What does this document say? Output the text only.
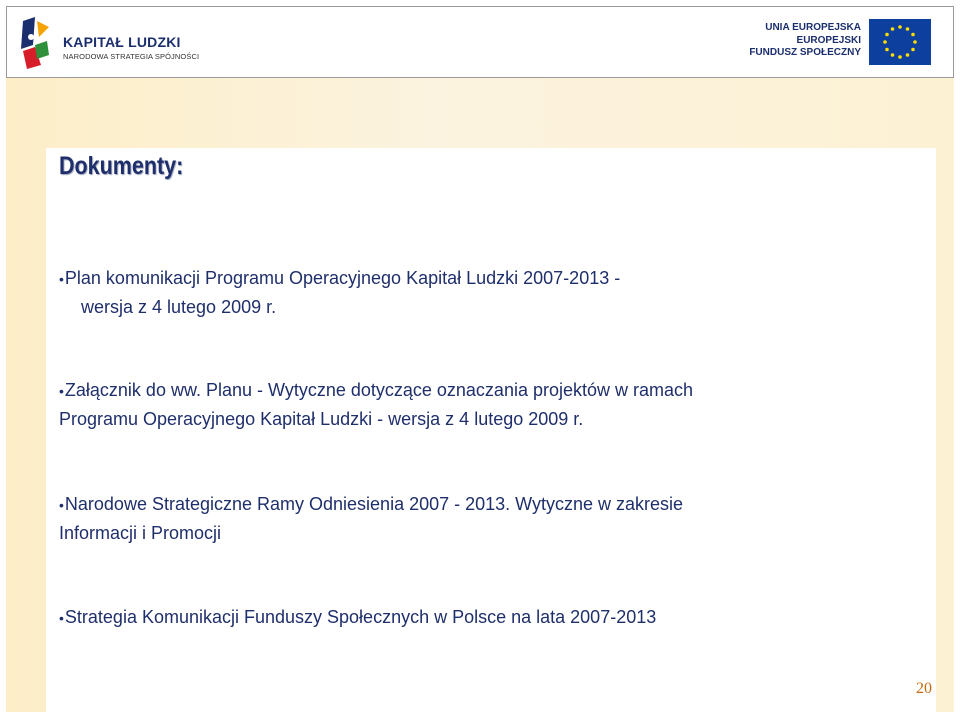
KAPITAŁ LUDZKI
NARODOWA STRATEGIA SPÓJNOŚCI
UNIA EUROPEJSKA
EUROPEJSKI
FUNDUSZ SPOŁECZNY
Dokumenty:
•Plan komunikacji Programu Operacyjnego Kapitał Ludzki 2007-2013 -
wersja z 4 lutego 2009 r.
•Załącznik do ww. Planu - Wytyczne dotyczące oznaczania projektów w ramach
Programu Operacyjnego Kapitał Ludzki - wersja z 4 lutego 2009 r.
•Narodowe Strategiczne Ramy Odniesienia 2007 - 2013. Wytyczne w zakresie
Informacji i Promocji
•Strategia Komunikacji Funduszy Społecznych w Polsce na lata 2007-2013
20
